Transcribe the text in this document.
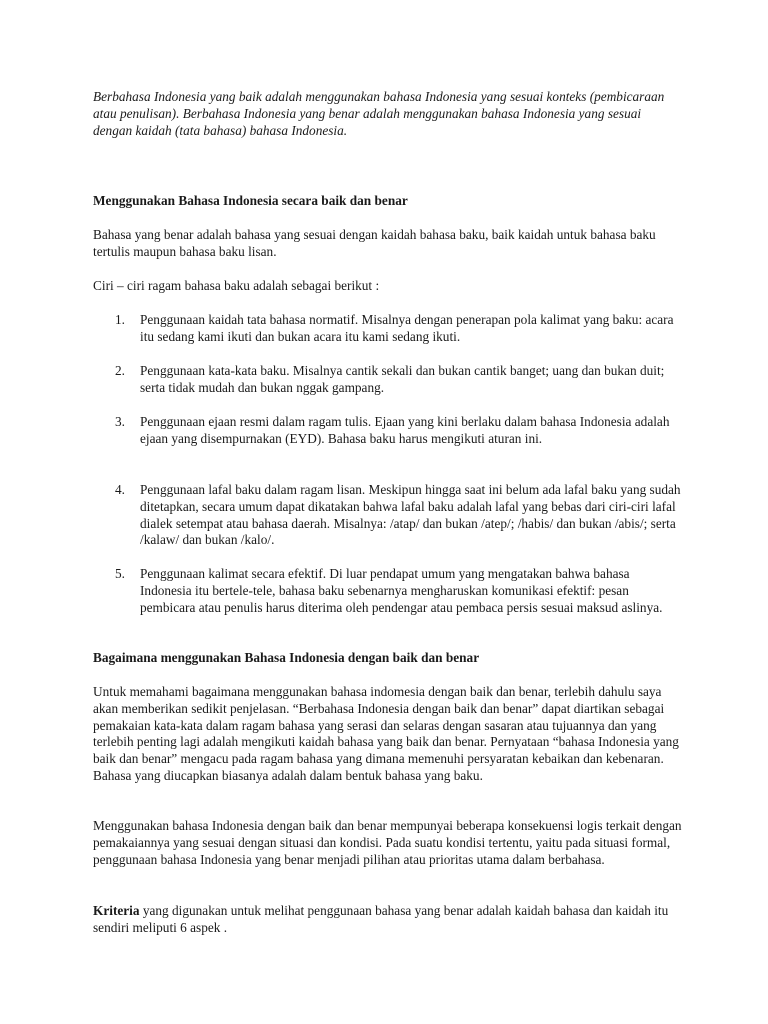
Berbahasa Indonesia yang baik adalah menggunakan bahasa Indonesia yang sesuai konteks (pembicaraan atau penulisan). Berbahasa Indonesia yang benar adalah menggunakan bahasa Indonesia yang sesuai dengan kaidah (tata bahasa) bahasa Indonesia.

Menggunakan Bahasa Indonesia secara baik dan benar

Bahasa yang benar adalah bahasa yang sesuai dengan kaidah bahasa baku, baik kaidah untuk bahasa baku tertulis maupun bahasa baku lisan.

Ciri – ciri ragam bahasa baku adalah sebagai berikut :

1. Penggunaan kaidah tata bahasa normatif. Misalnya dengan penerapan pola kalimat yang baku: acara itu sedang kami ikuti dan bukan acara itu kami sedang ikuti.
2. Penggunaan kata-kata baku. Misalnya cantik sekali dan bukan cantik banget; uang dan bukan duit; serta tidak mudah dan bukan nggak gampang.
3. Penggunaan ejaan resmi dalam ragam tulis. Ejaan yang kini berlaku dalam bahasa Indonesia adalah ejaan yang disempurnakan (EYD). Bahasa baku harus mengikuti aturan ini.
4. Penggunaan lafal baku dalam ragam lisan. Meskipun hingga saat ini belum ada lafal baku yang sudah ditetapkan, secara umum dapat dikatakan bahwa lafal baku adalah lafal yang bebas dari ciri-ciri lafal dialek setempat atau bahasa daerah. Misalnya: /atap/ dan bukan /atep/; /habis/ dan bukan /abis/; serta /kalaw/ dan bukan /kalo/.
5. Penggunaan kalimat secara efektif. Di luar pendapat umum yang mengatakan bahwa bahasa Indonesia itu bertele-tele, bahasa baku sebenarnya mengharuskan komunikasi efektif: pesan pembicara atau penulis harus diterima oleh pendengar atau pembaca persis sesuai maksud aslinya.

Bagaimana menggunakan Bahasa Indonesia dengan baik dan benar

Untuk memahami bagaimana menggunakan bahasa indomesia dengan baik dan benar, terlebih dahulu saya akan memberikan sedikit penjelasan. “Berbahasa Indonesia dengan baik dan benar” dapat diartikan sebagai pemakaian kata-kata dalam ragam bahasa yang serasi dan selaras dengan sasaran atau tujuannya dan yang terlebih penting lagi adalah mengikuti kaidah bahasa yang baik dan benar. Pernyataan “bahasa Indonesia yang baik dan benar” mengacu pada ragam bahasa yang dimana memenuhi persyaratan kebaikan dan kebenaran. Bahasa yang diucapkan biasanya adalah dalam bentuk bahasa yang baku.

Menggunakan bahasa Indonesia dengan baik dan benar mempunyai beberapa konsekuensi logis terkait dengan pemakaiannya yang sesuai dengan situasi dan kondisi. Pada suatu kondisi tertentu, yaitu pada situasi formal, penggunaan bahasa Indonesia yang benar menjadi pilihan atau prioritas utama dalam berbahasa.

Kriteria yang digunakan untuk melihat penggunaan bahasa yang benar adalah kaidah bahasa dan kaidah itu sendiri meliputi 6 aspek .
